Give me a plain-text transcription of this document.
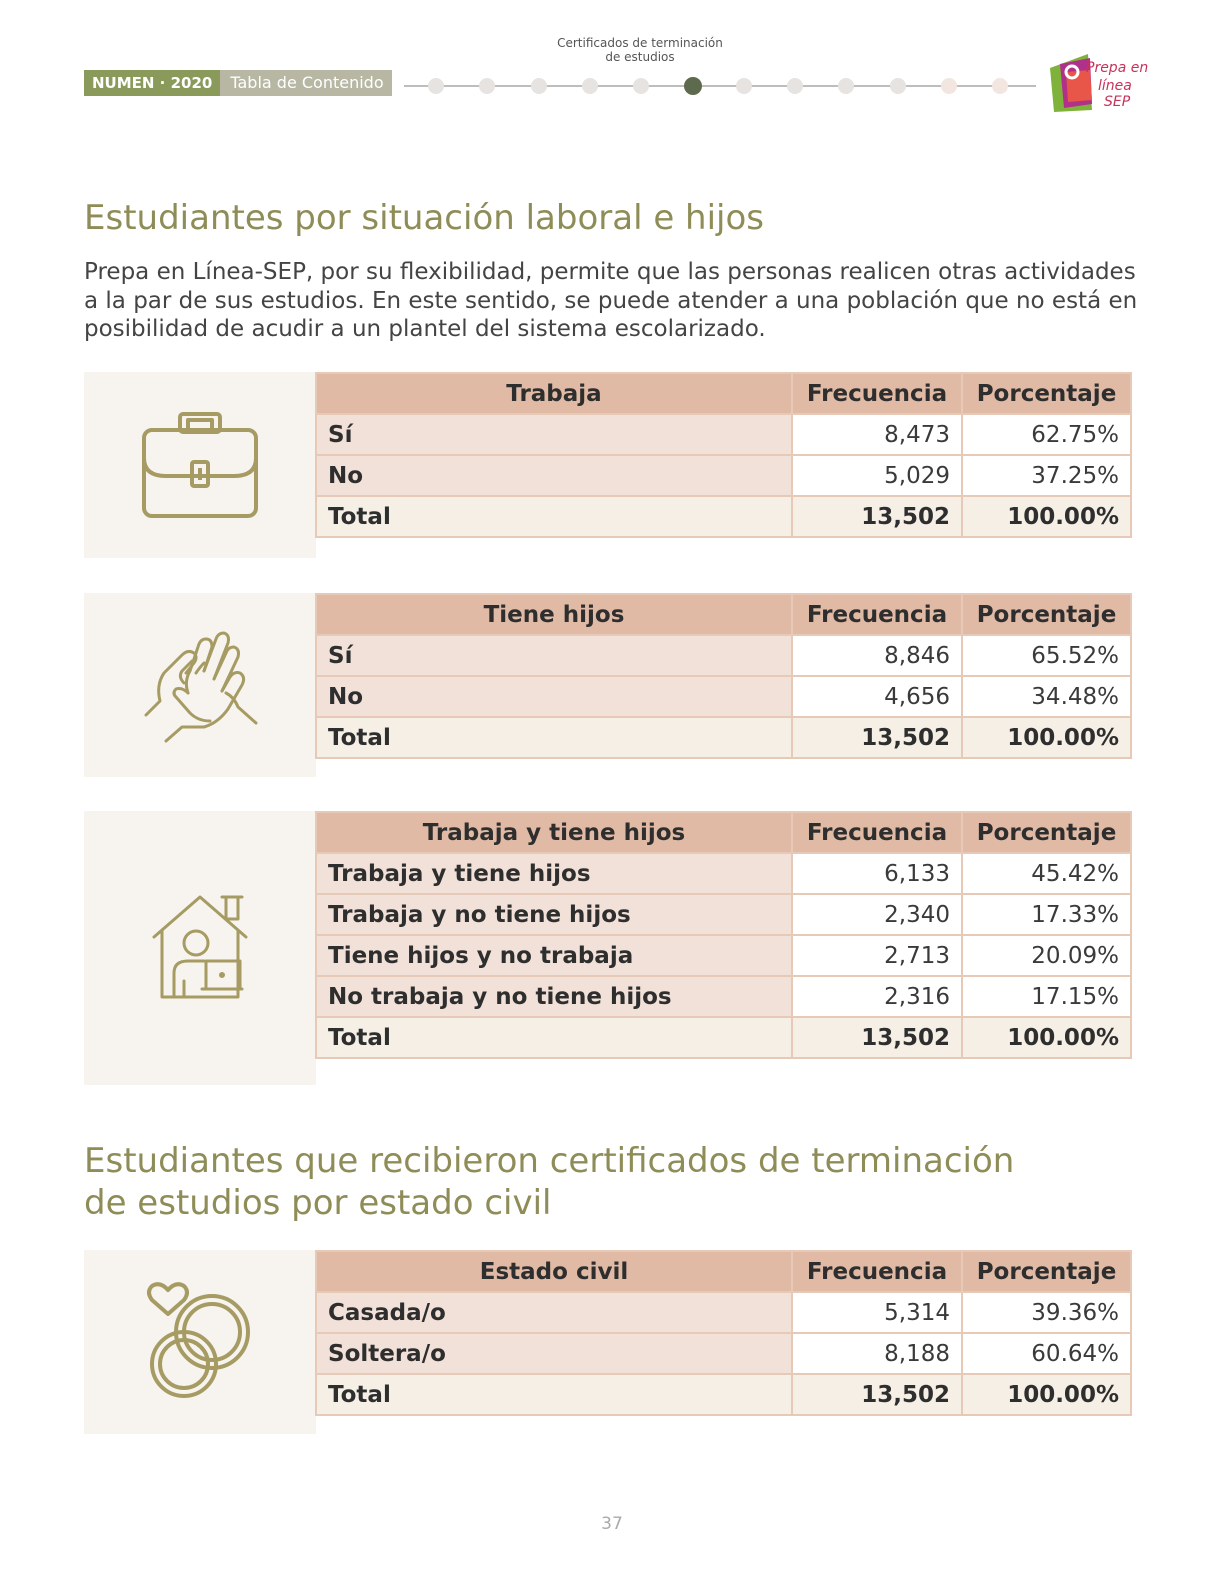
Certificados de terminación
de estudios
NUMEN · 2020	Tabla de Contenido
Prepa en
línea
SEP
Estudiantes por situación laboral e hijos

Prepa en Línea-SEP, por su flexibilidad, permite que las personas realicen otras actividades a la par de sus estudios. En este sentido, se puede atender a una población que no está en posibilidad de acudir a un plantel del sistema escolarizado.

Trabaja	Frecuencia	Porcentaje
Sí	8,473	62.75%
No	5,029	37.25%
Total	13,502	100.00%
Tiene hijos	Frecuencia	Porcentaje
Sí	8,846	65.52%
No	4,656	34.48%
Total	13,502	100.00%
Trabaja y tiene hijos	Frecuencia	Porcentaje
Trabaja y tiene hijos	6,133	45.42%
Trabaja y no tiene hijos	2,340	17.33%
Tiene hijos y no trabaja	2,713	20.09%
No trabaja y no tiene hijos	2,316	17.15%
Total	13,502	100.00%
Estudiantes que recibieron certificados de terminación
de estudios por estado civil
Estado civil	Frecuencia	Porcentaje
Casada/o	5,314	39.36%
Soltera/o	8,188	60.64%
Total	13,502	100.00%
37
